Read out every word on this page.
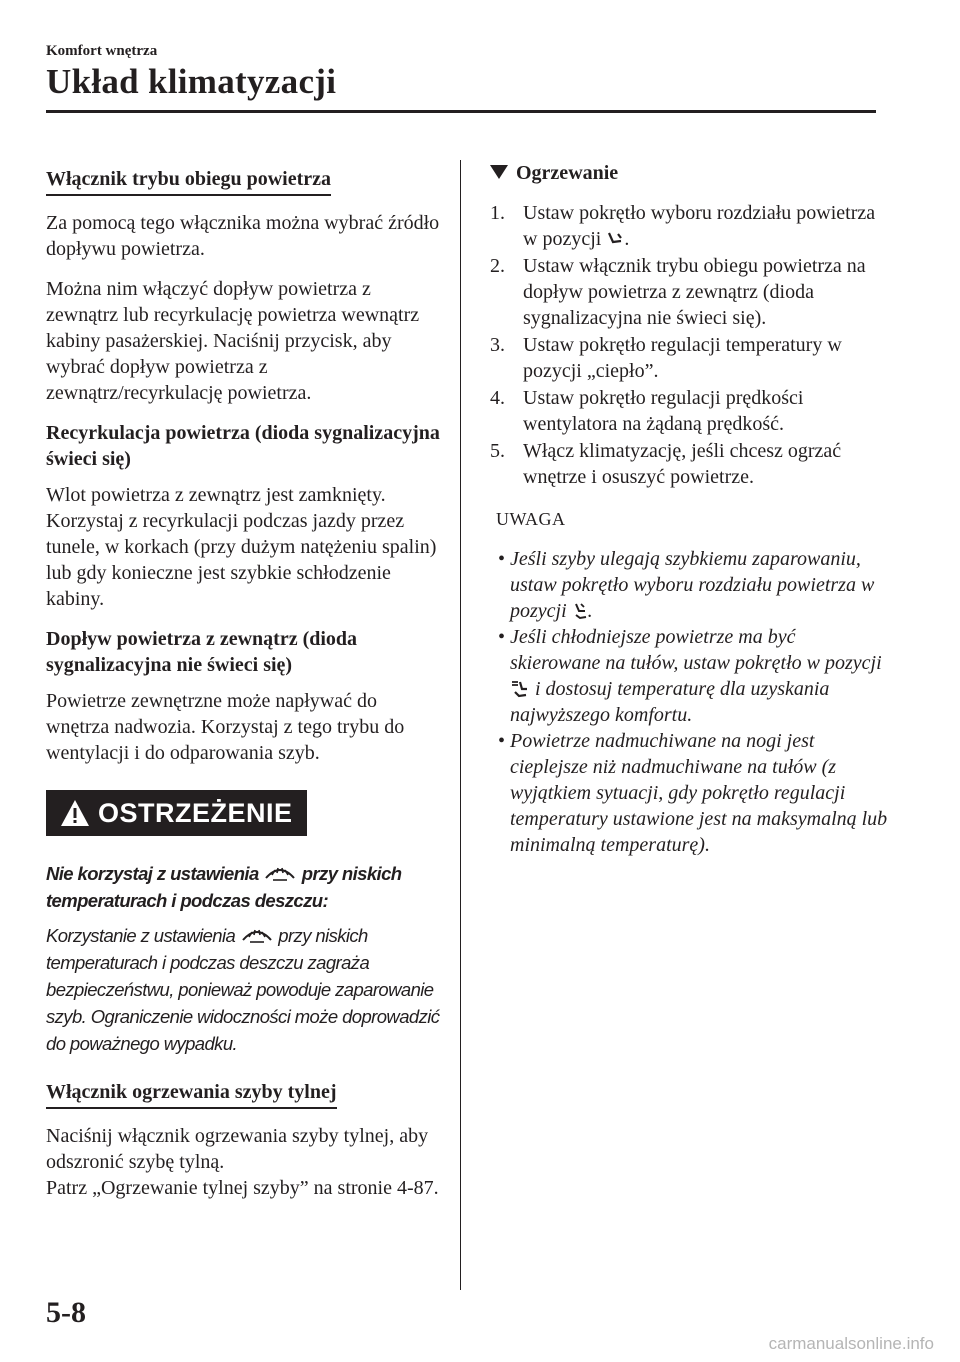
Komfort wnętrza
Układ klimatyzacji
Włącznik trybu obiegu powietrza

Za pomocą tego włącznika można wybrać źródło dopływu powietrza.

Można nim włączyć dopływ powietrza z zewnątrz lub recyrkulację powietrza wewnątrz kabiny pasażerskiej. Naciśnij przycisk, aby wybrać dopływ powietrza z zewnątrz/recyrkulację powietrza.

Recyrkulacja powietrza (dioda sygnalizacyjna świeci się)

Wlot powietrza z zewnątrz jest zamknięty. Korzystaj z recyrkulacji podczas jazdy przez tunele, w korkach (przy dużym natężeniu spalin) lub gdy konieczne jest szybkie schłodzenie kabiny.

Dopływ powietrza z zewnątrz (dioda sygnalizacyjna nie świeci się)

Powietrze zewnętrzne może napływać do wnętrza nadwozia. Korzystaj z tego trybu do wentylacji i do odparowania szyb.

OSTRZEŻENIE

Nie korzystaj z ustawienia przy niskich temperaturach i podczas deszczu:

Korzystanie z ustawienia przy niskich temperaturach i podczas deszczu zagraża bezpieczeństwu, ponieważ powoduje zaparowanie szyb. Ograniczenie widoczności może doprowadzić do poważnego wypadku.

Włącznik ogrzewania szyby tylnej

Naciśnij włącznik ogrzewania szyby tylnej, aby odszronić szybę tylną.

Patrz „Ogrzewanie tylnej szyby” na stronie 4-87.

Ogrzewanie
1. Ustaw pokrętło wyboru rozdziału powietrza w pozycji .
2. Ustaw włącznik trybu obiegu powietrza na dopływ powietrza z zewnątrz (dioda sygnalizacyjna nie świeci się).
3. Ustaw pokrętło regulacji temperatury w pozycji „ciepło”.
4. Ustaw pokrętło regulacji prędkości wentylatora na żądaną prędkość.
5. Włącz klimatyzację, jeśli chcesz ogrzać wnętrze i osuszyć powietrze.
UWAGA
• Jeśli szyby ulegają szybkiemu zaparowaniu, ustaw pokrętło wyboru rozdziału powietrza w pozycji .
• Jeśli chłodniejsze powietrze ma być skierowane na tułów, ustaw pokrętło w pozycji  i dostosuj temperaturę dla uzyskania najwyższego komfortu.
• Powietrze nadmuchiwane na nogi jest cieplejsze niż nadmuchiwane na tułów (z wyjątkiem sytuacji, gdy pokrętło regulacji temperatury ustawione jest na maksymalną lub minimalną temperaturę).
5-8
carmanualsonline.info
